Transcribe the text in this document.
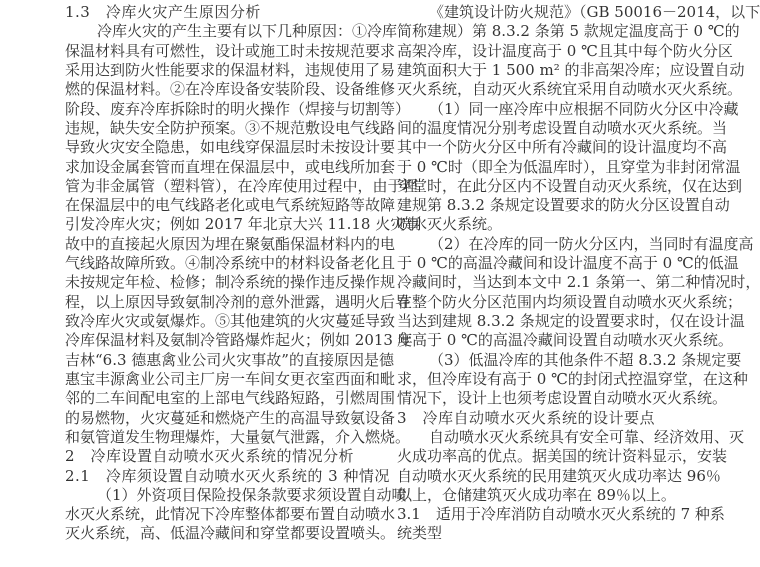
1.3　冷库火灾产生原因分析
冷库火灾的产生主要有以下几种原因：①冷库
保温材料具有可燃性，设计或施工时未按规范要求
采用达到防火性能要求的保温材料，违规使用了易
燃的保温材料。②在冷库设备安装阶段、设备维修
阶段、废弃冷库拆除时的明火操作（焊接与切割等）
违规，缺失安全防护预案。③不规范敷设电气线路
导致火灾安全隐患，如电线穿保温层时未按设计要
求加设金属套管而直埋在保温层中，或电线所加套
管为非金属管（塑料管），在冷库使用过程中，由于埋
在保温层中的电气线路老化或电气系统短路等故障
引发冷库火灾；例如 2017 年北京大兴 11.18 火灾事
故中的直接起火原因为埋在聚氨酯保温材料内的电
气线路故障所致。④制冷系统中的材料设备老化且
未按规定年检、检修；制冷系统的操作违反操作规
程，以上原因导致氨制冷剂的意外泄露，遇明火后导
致冷库火灾或氨爆炸。⑤其他建筑的火灾蔓延导致
冷库保温材料及氨制冷管路爆炸起火；例如 2013 年
吉林“6.3 德惠禽业公司火灾事故”的直接原因是德
惠宝丰源禽业公司主厂房一车间女更衣室西面和毗
邻的二车间配电室的上部电气线路短路，引燃周围
的易燃物，火灾蔓延和燃烧产生的高温导致氨设备
和氨管道发生物理爆炸，大量氨气泄露，介入燃烧。
2　冷库设置自动喷水灭火系统的情况分析
2.1　冷库须设置自动喷水灭火系统的 3 种情况
（1）外资项目保险投保条款要求须设置自动喷
水灭火系统，此情况下冷库整体都要布置自动喷水
灭火系统，高、低温冷藏间和穿堂都要设置喷头。
《建筑设计防火规范》（GB 50016－2014，以下
简称建规）第 8.3.2 条第 5 款规定温度高于 0 ℃的
高架冷库，设计温度高于 0 ℃且其中每个防火分区
建筑面积大于 1 500 m² 的非高架冷库；应设置自动
灭火系统，自动灭火系统宜采用自动喷水灭火系统。
（1）同一座冷库中应根据不同防火分区中冷藏
间的温度情况分别考虑设置自动喷水灭火系统。当
其中一个防火分区中所有冷藏间的设计温度均不高
于 0 ℃时（即全为低温库时），且穿堂为非封闭常温
穿堂时，在此分区内不设置自动灭火系统，仅在达到
建规第 8.3.2 条规定设置要求的防火分区设置自动
喷水灭火系统。
（2）在冷库的同一防火分区内，当同时有温度高
于 0 ℃的高温冷藏间和设计温度不高于 0 ℃的低温
冷藏间时，当达到本文中 2.1 条第一、第二种情况时，
在整个防火分区范围内均须设置自动喷水灭火系统；
当达到建规 8.3.2 条规定的设置要求时，仅在设计温
度高于 0 ℃的高温冷藏间设置自动喷水灭火系统。
（3）低温冷库的其他条件不超 8.3.2 条规定要
求，但冷库设有高于 0 ℃的封闭式控温穿堂，在这种
情况下，设计上也须考虑设置自动喷水灭火系统。
3　冷库自动喷水灭火系统的设计要点
自动喷水灭火系统具有安全可靠、经济效用、灭
火成功率高的优点。据美国的统计资料显示，安装
自动喷水灭火系统的民用建筑灭火成功率达 96％
以上，仓储建筑灭火成功率在 89％以上。
3.1　适用于冷库消防自动喷水灭火系统的 7 种系
统类型
